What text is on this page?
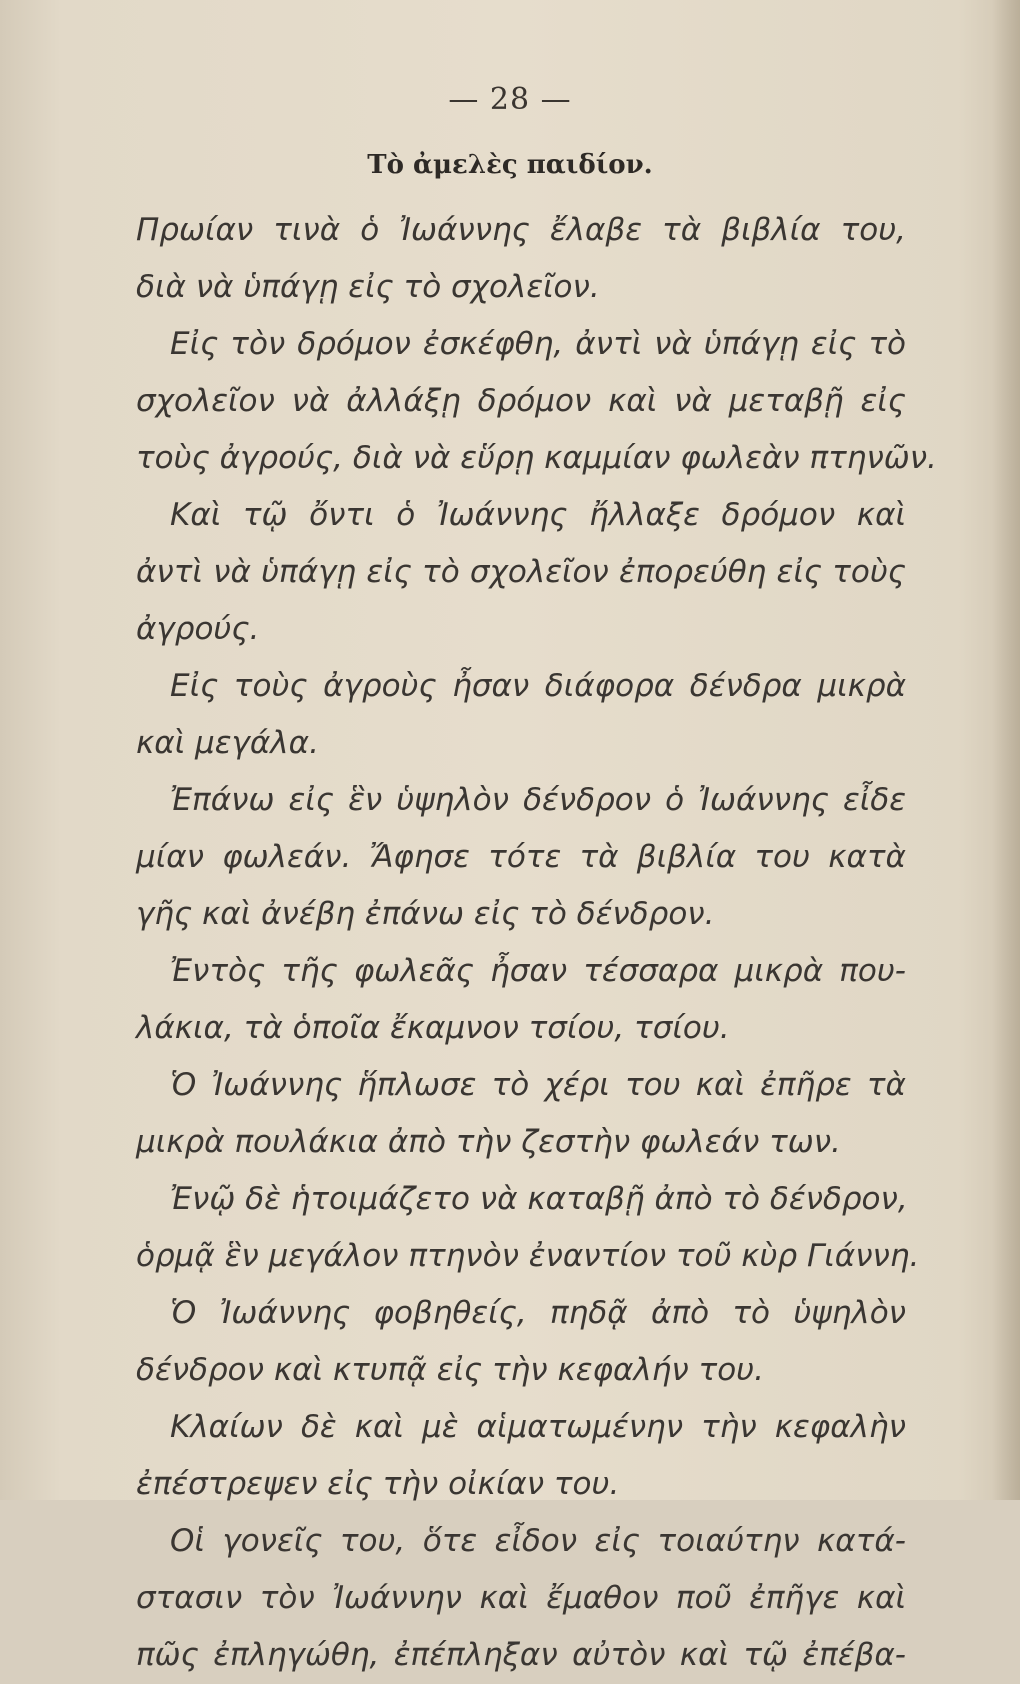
— 28 —
Τὸ ἀμελὲς παιδίον.
Πρωίαν τινὰ ὁ Ἰωάννης ἔλαβε τὰ βιβλία του,
διὰ νὰ ὑπάγῃ εἰς τὸ σχολεῖον.
Εἰς τὸν δρόμον ἐσκέφθη, ἀντὶ νὰ ὑπάγῃ εἰς τὸ
σχολεῖον νὰ ἀλλάξῃ δρόμον καὶ νὰ μεταβῇ εἰς
τοὺς ἀγρούς, διὰ νὰ εὕρῃ καμμίαν φωλεὰν πτηνῶν.
Καὶ τῷ ὄντι ὁ Ἰωάννης ἤλλαξε δρόμον καὶ
ἀντὶ νὰ ὑπάγῃ εἰς τὸ σχολεῖον ἐπορεύθη εἰς τοὺς
ἀγρούς.
Εἰς τοὺς ἀγροὺς ἦσαν διάφορα δένδρα μικρὰ
καὶ μεγάλα.
Ἐπάνω εἰς ἓν ὑψηλὸν δένδρον ὁ Ἰωάννης εἶδε
μίαν φωλεάν. Ἄφησε τότε τὰ βιβλία του κατὰ
γῆς καὶ ἀνέβη ἐπάνω εἰς τὸ δένδρον.
Ἐντὸς τῆς φωλεᾶς ἦσαν τέσσαρα μικρὰ που-
λάκια, τὰ ὁποῖα ἔκαμνον τσίου, τσίου.
Ὁ Ἰωάννης ἥπλωσε τὸ χέρι του καὶ ἐπῆρε τὰ
μικρὰ πουλάκια ἀπὸ τὴν ζεστὴν φωλεάν των.
Ἐνῷ δὲ ἡτοιμάζετο νὰ καταβῇ ἀπὸ τὸ δένδρον,
ὁρμᾷ ἓν μεγάλον πτηνὸν ἐναντίον τοῦ κὺρ Γιάννη.
Ὁ Ἰωάννης φοβηθείς, πηδᾷ ἀπὸ τὸ ὑψηλὸν
δένδρον καὶ κτυπᾷ εἰς τὴν κεφαλήν του.
Κλαίων δὲ καὶ μὲ αἱματωμένην τὴν κεφαλὴν
ἐπέστρεψεν εἰς τὴν οἰκίαν του.
Οἱ γονεῖς του, ὅτε εἶδον εἰς τοιαύτην κατά-
στασιν τὸν Ἰωάννην καὶ ἔμαθον ποῦ ἐπῆγε καὶ
πῶς ἐπληγώθη, ἐπέπληξαν αὐτὸν καὶ τῷ ἐπέβα-
